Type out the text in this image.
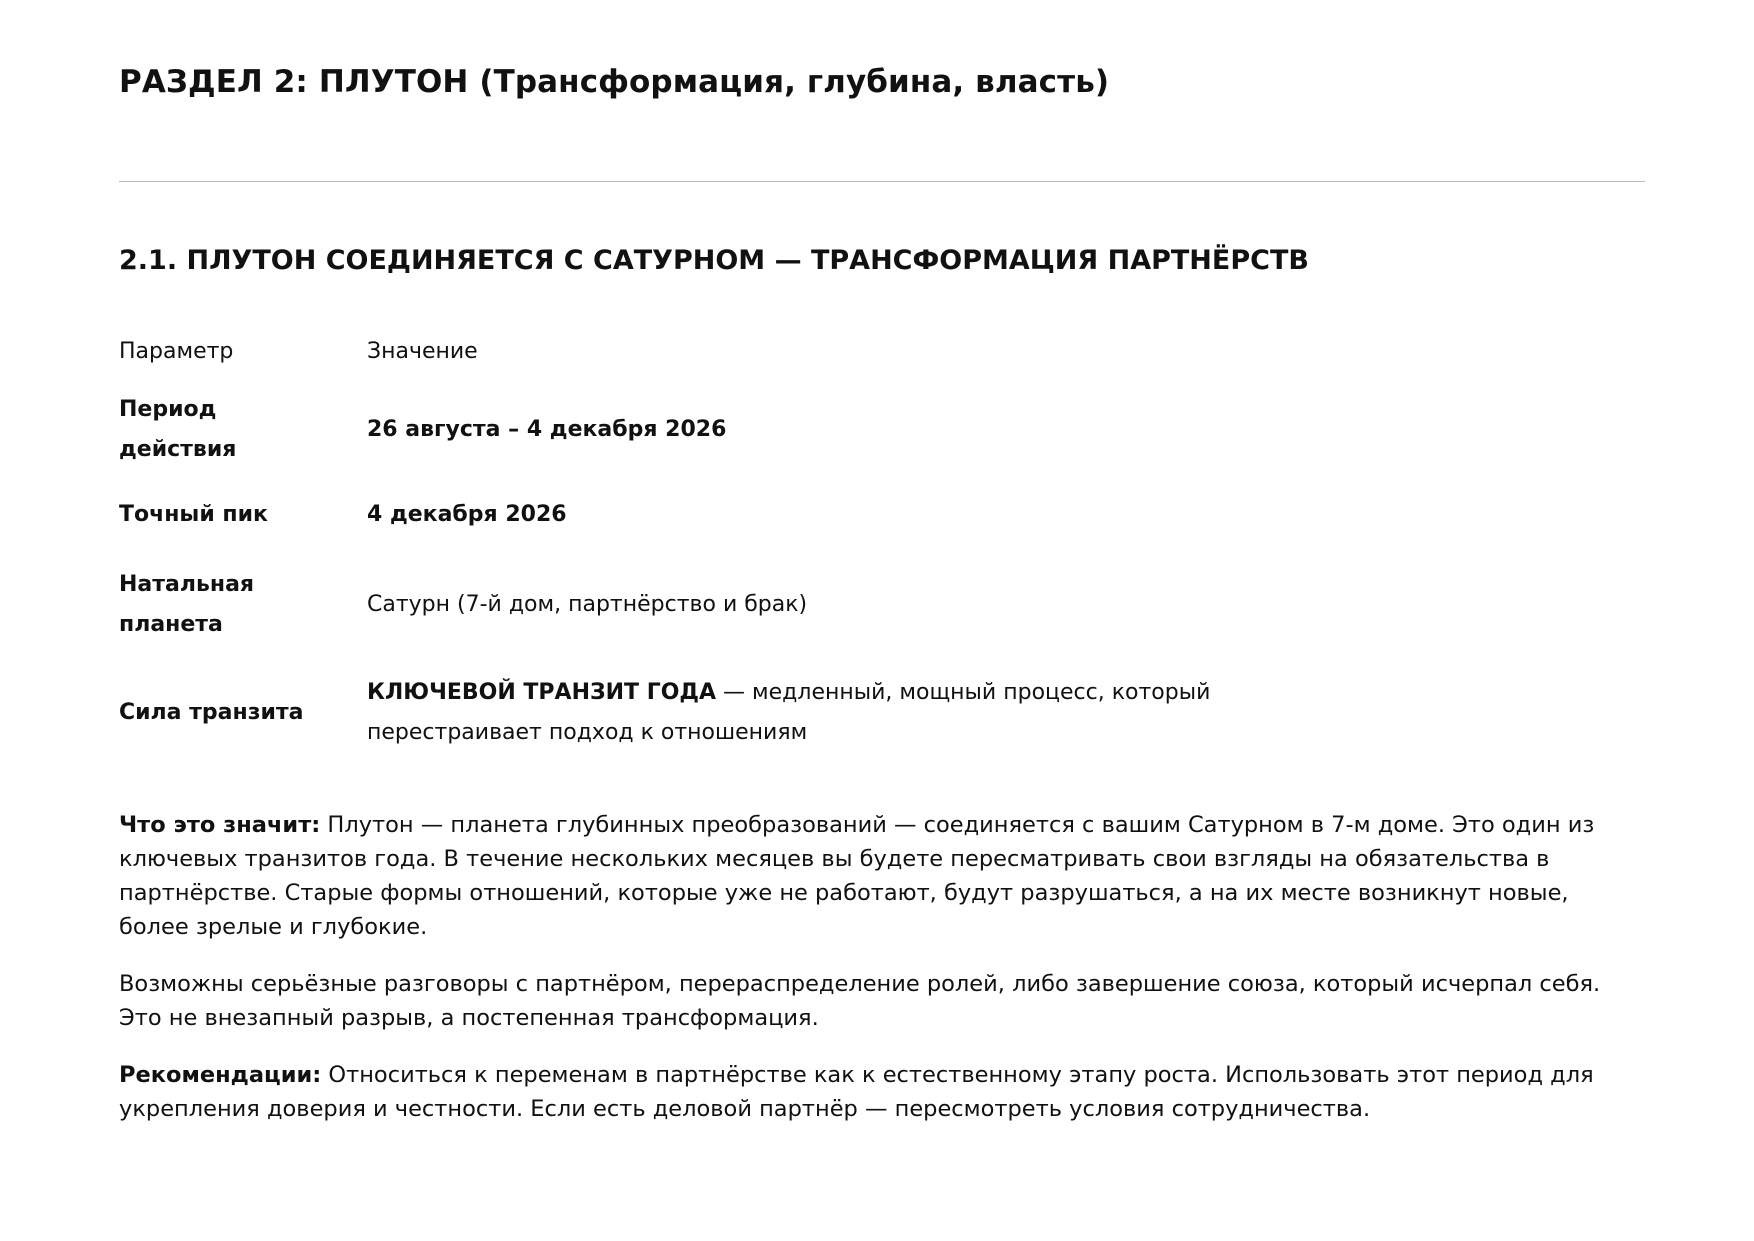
РАЗДЕЛ 2: ПЛУТОН (Трансформация, глубина, власть)
2.1. ПЛУТОН СОЕДИНЯЕТСЯ С САТУРНОМ — ТРАНСФОРМАЦИЯ ПАРТНЁРСТВ
Параметр	Значение
Период
действия
26 августа – 4 декабря 2026
Точный пик	4 декабря 2026
Натальная
планета
Сатурн (7-й дом, партнёрство и брак)
Сила транзита
КЛЮЧЕВОЙ ТРАНЗИТ ГОДА — медленный, мощный процесс, который
перестраивает подход к отношениям

Что это значит: Плутон — планета глубинных преобразований — соединяется с вашим Сатурном в 7-м доме. Это один из ключевых транзитов года. В течение нескольких месяцев вы будете пересматривать свои взгляды на обязательства в партнёрстве. Старые формы отношений, которые уже не работают, будут разрушаться, а на их месте возникнут новые, более зрелые и глубокие.

Возможны серьёзные разговоры с партнёром, перераспределение ролей, либо завершение союза, который исчерпал себя. Это не внезапный разрыв, а постепенная трансформация.

Рекомендации: Относиться к переменам в партнёрстве как к естественному этапу роста. Использовать этот период для укрепления доверия и честности. Если есть деловой партнёр — пересмотреть условия сотрудничества.
